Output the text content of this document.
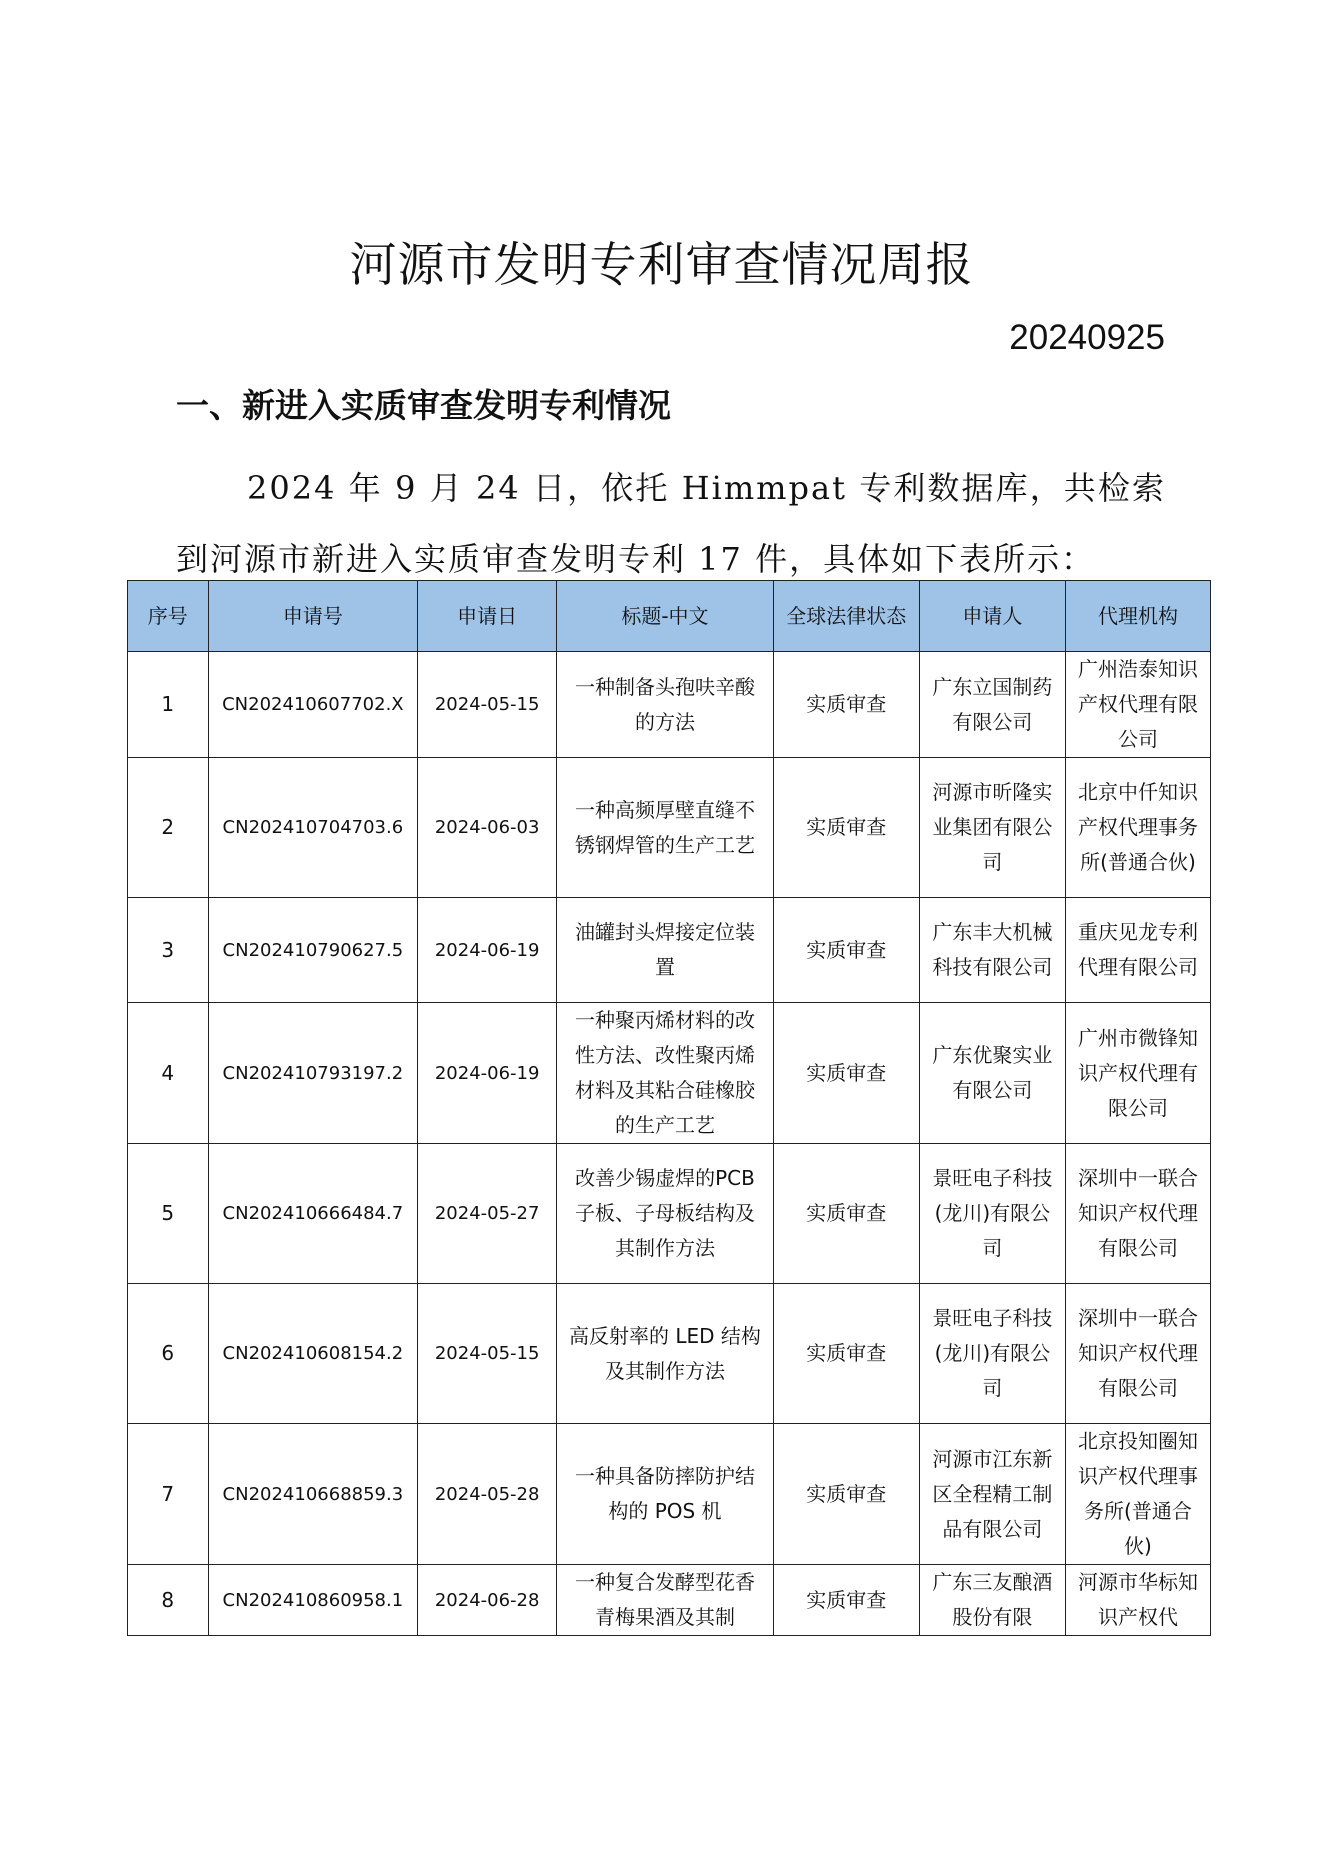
河源市发明专利审查情况周报
20240925
一、新进入实质审查发明专利情况
2024 年 9 月 24 日，依托 Himmpat 专利数据库，共检索到河源市新进入实质审查发明专利 17 件，具体如下表所示：
序号	申请号	申请日	标题-中文	全球法律状态	申请人	代理机构
1	CN202410607702.X	2024-05-15	一种制备头孢呋辛酸的方法	实质审查	广东立国制药有限公司	广州浩泰知识产权代理有限公司
2	CN202410704703.6	2024-06-03	一种高频厚壁直缝不锈钢焊管的生产工艺	实质审查	河源市昕隆实业集团有限公司	北京中仟知识产权代理事务所(普通合伙)
3	CN202410790627.5	2024-06-19	油罐封头焊接定位装置	实质审查	广东丰大机械科技有限公司	重庆见龙专利代理有限公司
4	CN202410793197.2	2024-06-19	一种聚丙烯材料的改性方法、改性聚丙烯材料及其粘合硅橡胶的生产工艺	实质审查	广东优聚实业有限公司	广州市微锋知识产权代理有限公司
5	CN202410666484.7	2024-05-27	改善少锡虚焊的PCB 子板、子母板结构及其制作方法	实质审查	景旺电子科技(龙川)有限公司	深圳中一联合知识产权代理有限公司
6	CN202410608154.2	2024-05-15	高反射率的 LED 结构及其制作方法	实质审查	景旺电子科技(龙川)有限公司	深圳中一联合知识产权代理有限公司
7	CN202410668859.3	2024-05-28	一种具备防摔防护结构的 POS 机	实质审查	河源市江东新区全程精工制品有限公司	北京投知圈知识产权代理事务所(普通合伙)
8	CN202410860958.1	2024-06-28	一种复合发酵型花香青梅果酒及其制	实质审查	广东三友酿酒股份有限	河源市华标知识产权代
